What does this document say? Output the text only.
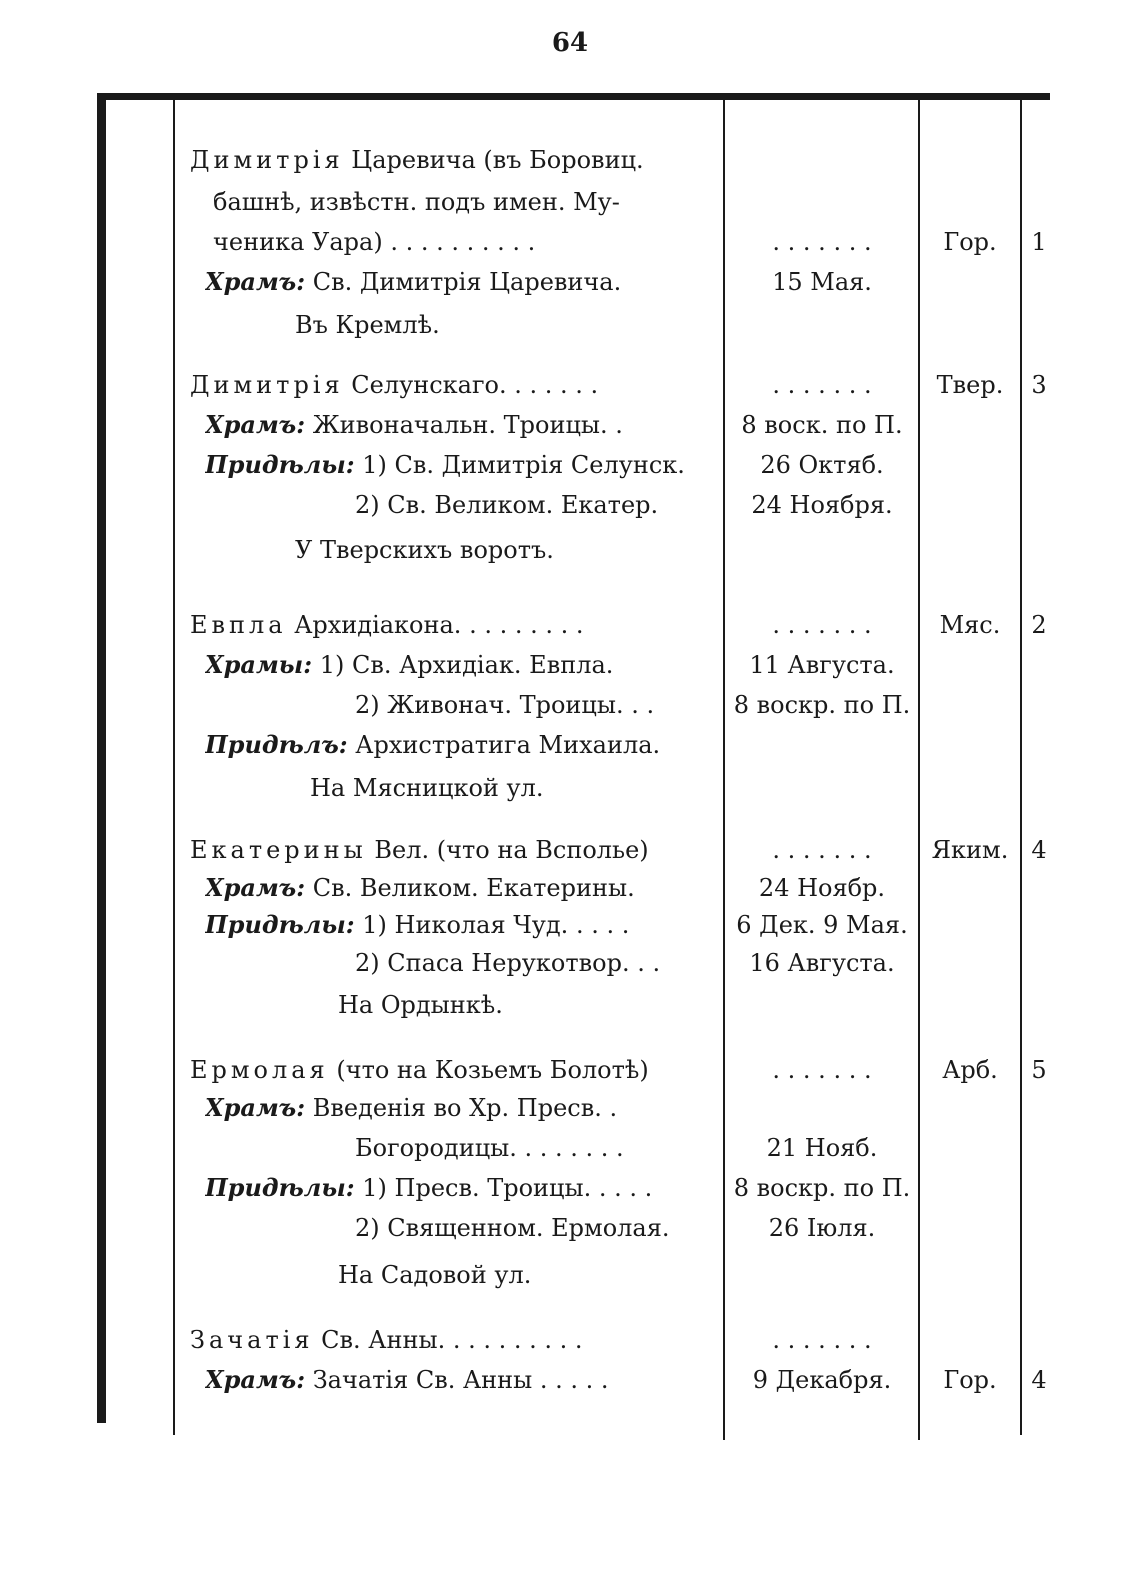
64
Димитрія Царевича (въ Боровиц.
башнѣ, извѣстн. подъ имен. Му-
ченика Уара) . . . . . . . . . .	. . . . . . .	Гор.	1
Храмъ: Св. Димитрія Царевича.	15 Мая.
Въ Кремлѣ.
Димитрія Селунскаго. . . . . . .	. . . . . . .	Твер.	3
Храмъ: Живоначальн. Троицы. .	8 воск. по П.
Придѣлы: 1) Св. Димитрія Селунск.	26 Октяб.
2) Св. Великом. Екатер.	24 Ноября.
У Тверскихъ воротъ.
Евпла Архидіакона. . . . . . . . .	. . . . . . .	Мяс.	2
Храмы: 1) Св. Архидіак. Евпла.	11 Августа.
2) Живонач. Троицы. . .	8 воскр. по П.
Придѣлъ: Архистратига Михаила.
На Мясницкой ул.
Екатерины Вел. (что на Всполье)	. . . . . . .	Яким. 4
Храмъ: Св. Великом. Екатерины.	24 Ноябр.
Придѣлы: 1) Николая Чуд. . . . .	6 Дек. 9 Мая.
2) Спаса Нерукотвор. . .	16 Августа.
На Ордынкѣ.
Ермолая (что на Козьемъ Болотѣ)	. . . . . . .	Арб.	5
Храмъ: Введенія во Хр. Пресв. .
Богородицы. . . . . . . .	21 Нояб.
Придѣлы: 1) Пресв. Троицы. . . . .	8 воскр. по П.
2) Священном. Ермолая.	26 Іюля.
На Садовой ул.
Зачатія Св. Анны. . . . . . . . . .	. . . . . . .
Храмъ: Зачатія Св. Анны . . . . .	9 Декабря.	Гор.	4
